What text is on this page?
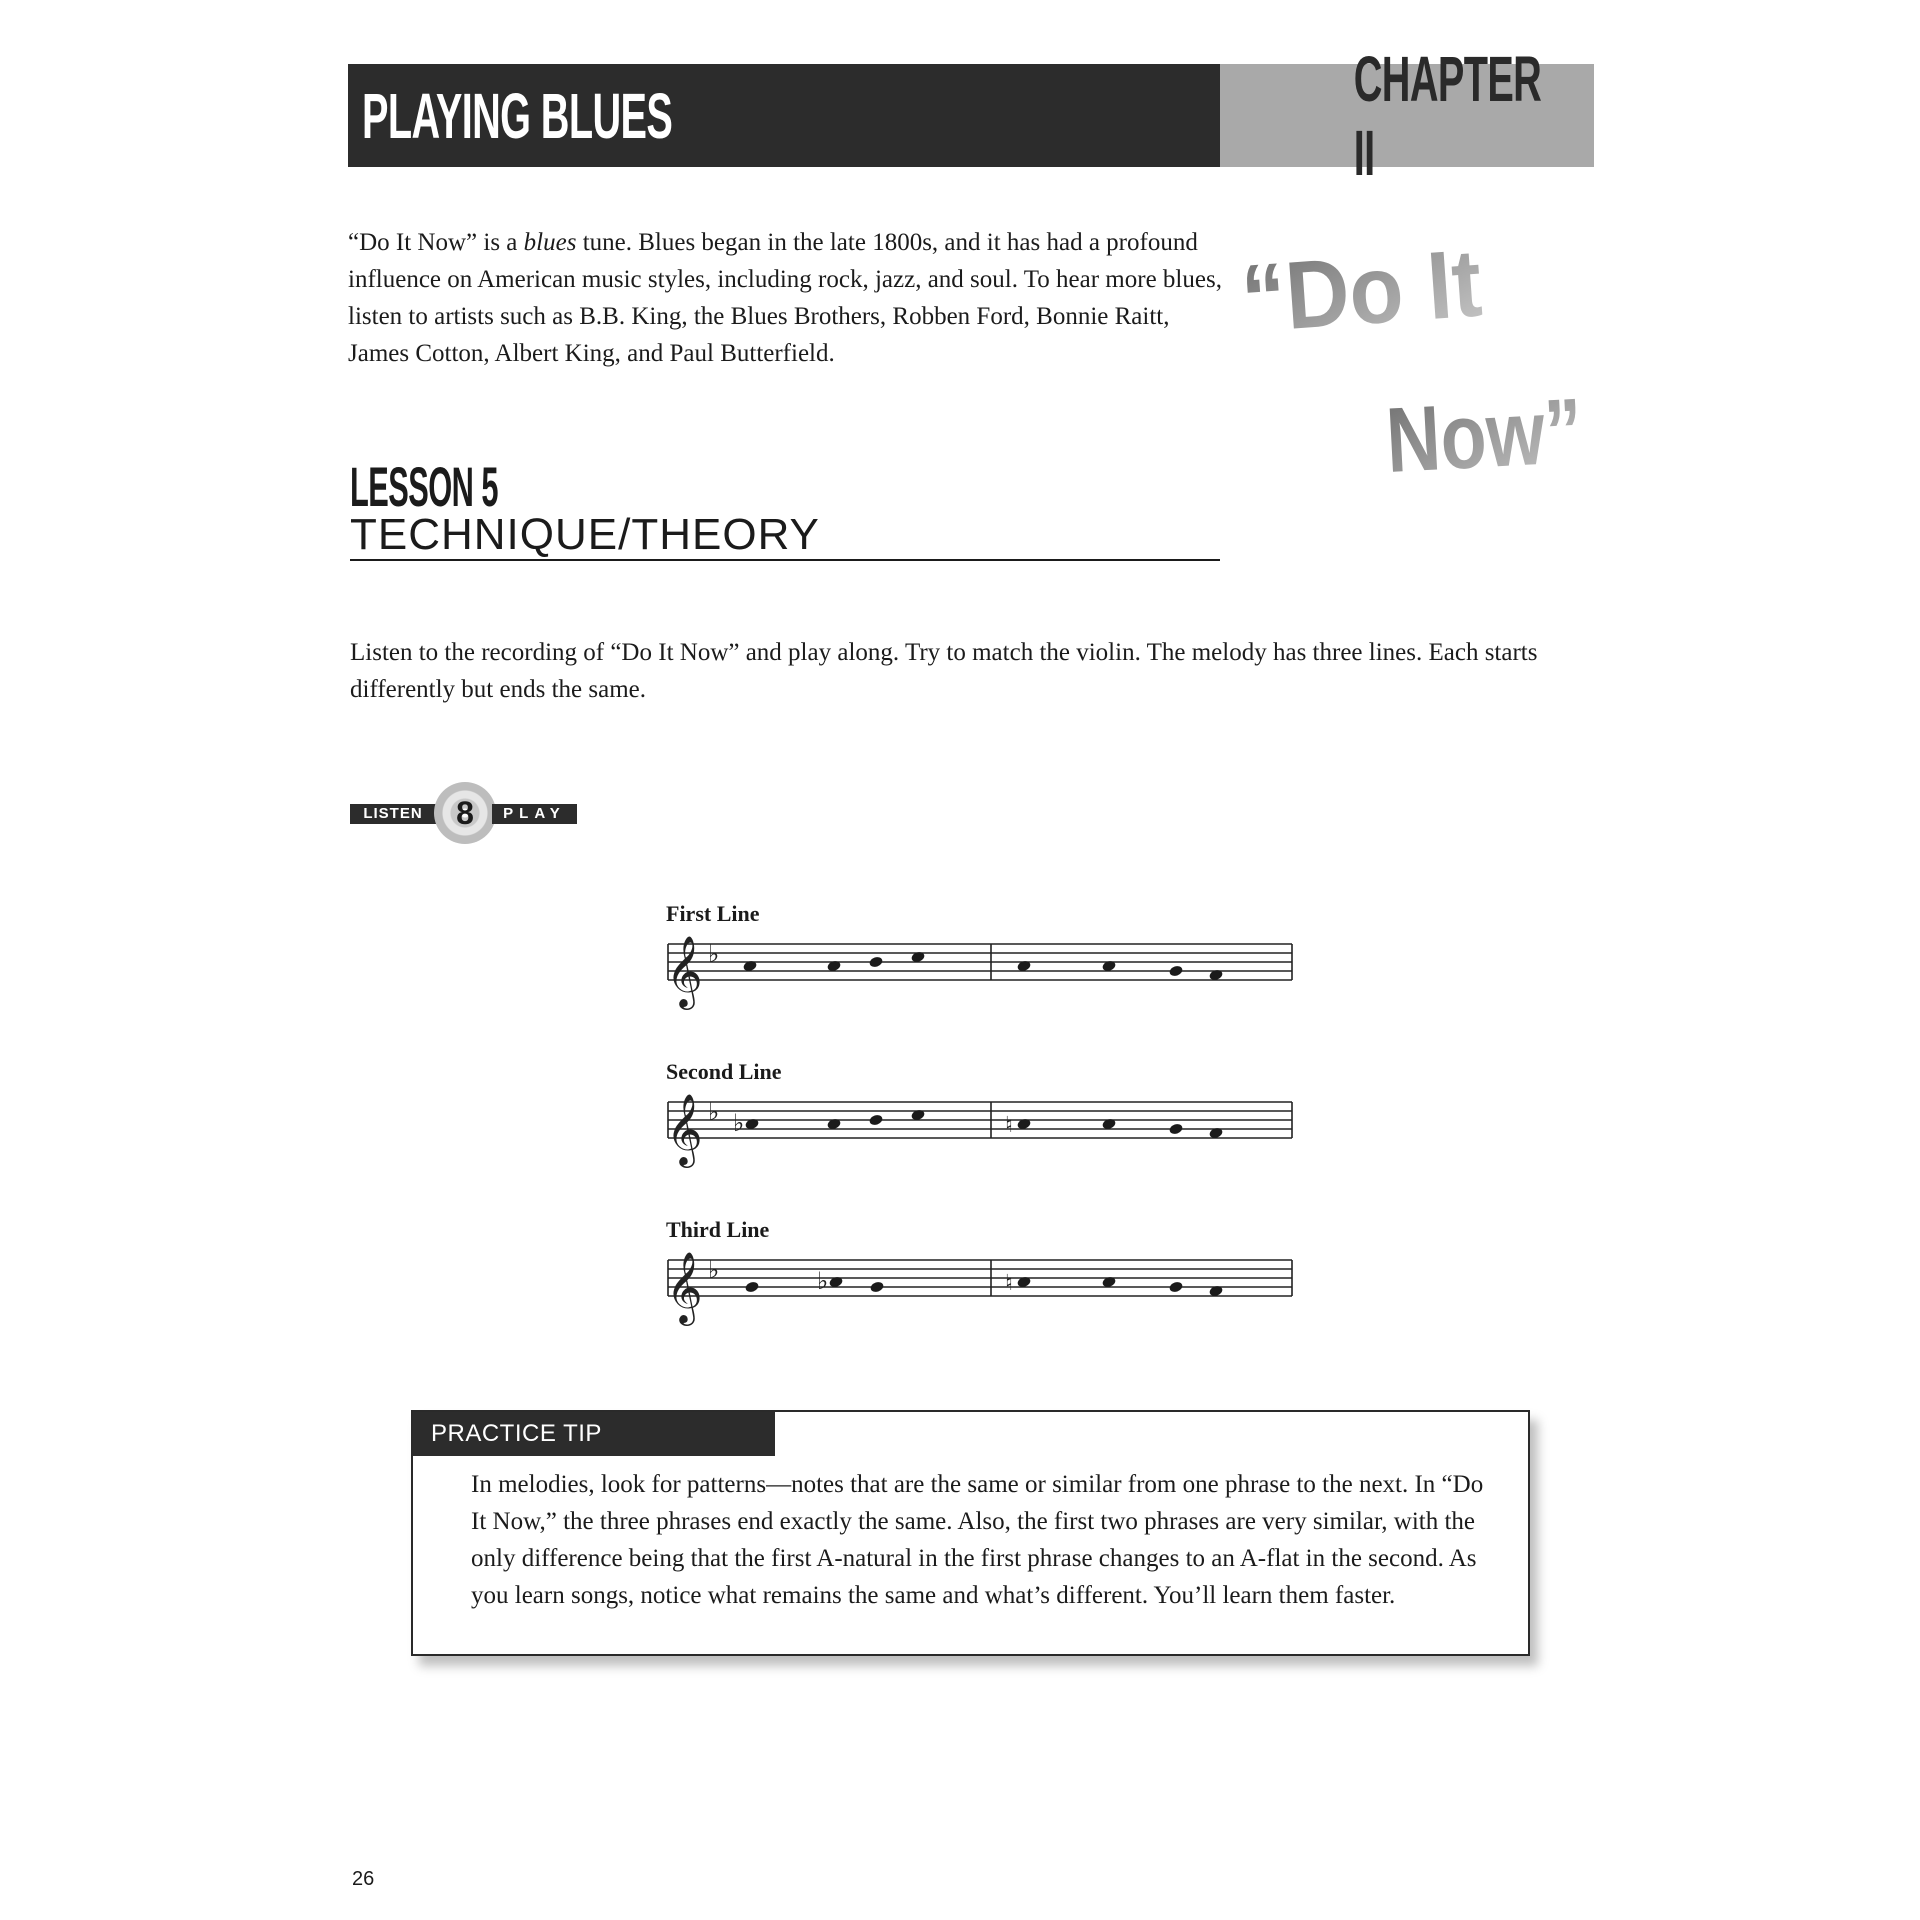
PLAYING BLUES
CHAPTER II

“Do It Now” is a blues tune. Blues began in the late 1800s, and it has had a profound influence on American music styles, including rock, jazz, and soul. To hear more blues, listen to artists such as B.B. King, the Blues Brothers, Robben Ford, Bonnie Raitt, James Cotton, Albert King, and Paul Butterfield.

“Do It
Now”
LESSON 5
TECHNIQUE/THEORY

Listen to the recording of “Do It Now” and play along. Try to match the violin. The melody has three lines. Each starts differently but ends the same.

LISTEN	8	PLAY
First Line
𝄞 ♭
Second Line
𝄞 ♭ ♭	♮
Third Line
𝄞 ♭	♭	♮
PRACTICE TIP

In melodies, look for patterns—notes that are the same or similar from one phrase to the next. In “Do It Now,” the three phrases end exactly the same. Also, the first two phrases are very similar, with the only difference being that the first A-natural in the first phrase changes to an A-flat in the second. As you learn songs, notice what remains the same and what’s different. You’ll learn them faster.

26
